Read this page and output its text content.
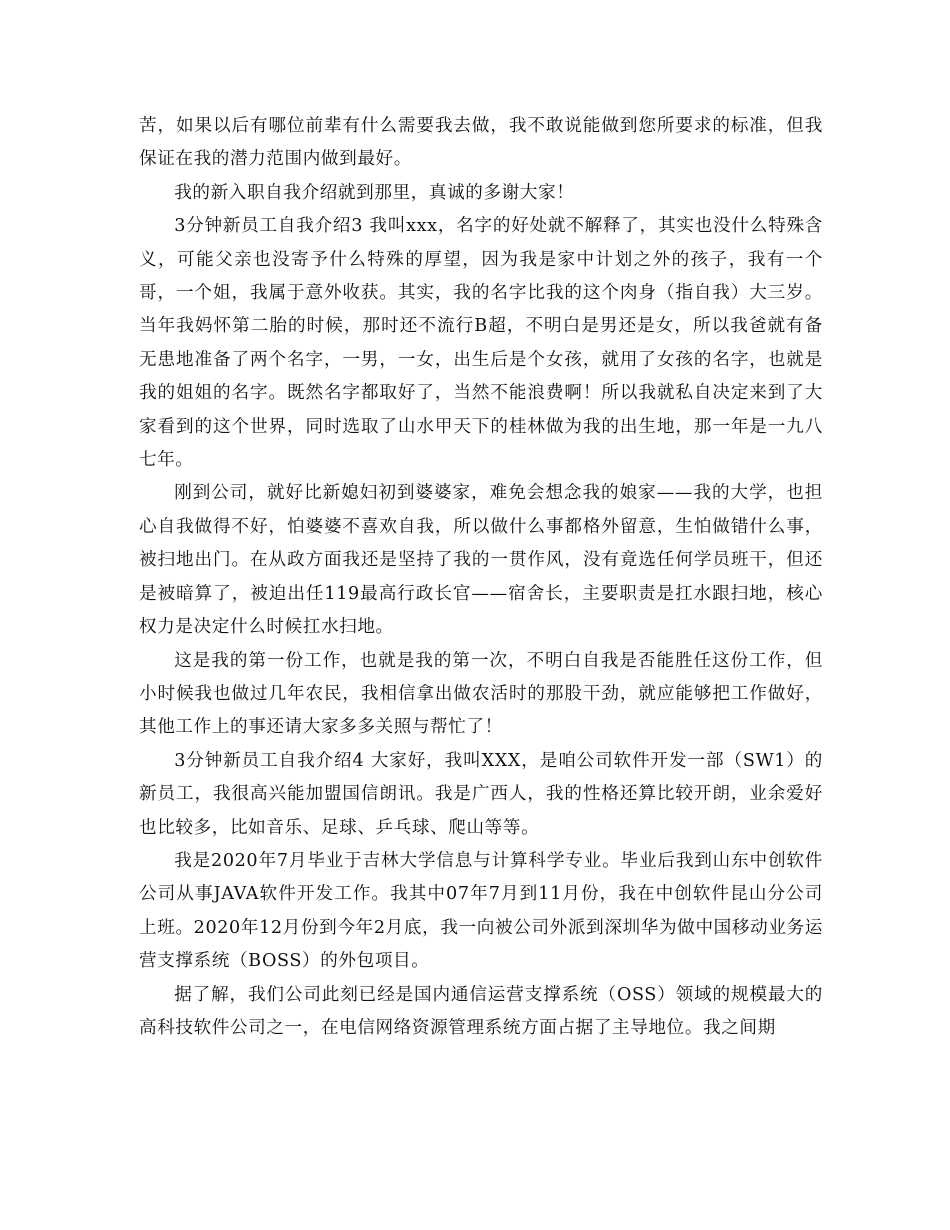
苦，如果以后有哪位前辈有什么需要我去做，我不敢说能做到您所要求的标准，但我保证在我的潜力范围内做到最好。

我的新入职自我介绍就到那里，真诚的多谢大家！

3分钟新员工自我介绍3 我叫xxx，名字的好处就不解释了，其实也没什么特殊含义，可能父亲也没寄予什么特殊的厚望，因为我是家中计划之外的孩子，我有一个哥，一个姐，我属于意外收获。其实，我的名字比我的这个肉身（指自我）大三岁。当年我妈怀第二胎的时候，那时还不流行B超，不明白是男还是女，所以我爸就有备无患地准备了两个名字，一男，一女，出生后是个女孩，就用了女孩的名字，也就是我的姐姐的名字。既然名字都取好了，当然不能浪费啊！所以我就私自决定来到了大家看到的这个世界，同时选取了山水甲天下的桂林做为我的出生地，那一年是一九八七年。

刚到公司，就好比新媳妇初到婆婆家，难免会想念我的娘家——我的大学，也担心自我做得不好，怕婆婆不喜欢自我，所以做什么事都格外留意，生怕做错什么事，被扫地出门。在从政方面我还是坚持了我的一贯作风，没有竟选任何学员班干，但还是被暗算了，被迫出任119最高行政长官——宿舍长，主要职责是扛水跟扫地，核心权力是决定什么时候扛水扫地。

这是我的第一份工作，也就是我的第一次，不明白自我是否能胜任这份工作，但小时候我也做过几年农民，我相信拿出做农活时的那股干劲，就应能够把工作做好，其他工作上的事还请大家多多关照与帮忙了！

3分钟新员工自我介绍4 大家好，我叫XXX，是咱公司软件开发一部（SW1）的新员工，我很高兴能加盟国信朗讯。我是广西人，我的性格还算比较开朗，业余爱好也比较多，比如音乐、足球、乒乓球、爬山等等。

我是2020年7月毕业于吉林大学信息与计算科学专业。毕业后我到山东中创软件公司从事JAVA软件开发工作。我其中07年7月到11月份，我在中创软件昆山分公司上班。2020年12月份到今年2月底，我一向被公司外派到深圳华为做中国移动业务运营支撑系统（BOSS）的外包项目。

据了解，我们公司此刻已经是国内通信运营支撑系统（OSS）领域的规模最大的高科技软件公司之一，在电信网络资源管理系统方面占据了主导地位。我之间期
